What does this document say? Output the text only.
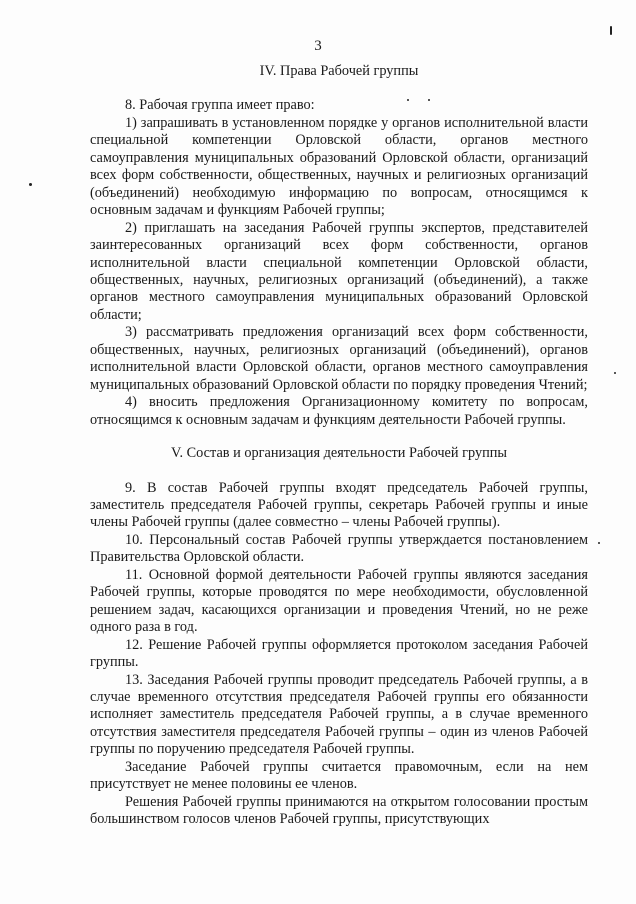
3

IV. Права Рабочей группы

8. Рабочая группа имеет право:

1) запрашивать в установленном порядке у органов исполнительной власти специальной компетенции Орловской области, органов местного самоуправления муниципальных образований Орловской области, организаций всех форм собственности, общественных, научных и религиозных организаций (объединений) необходимую информацию по вопросам, относящимся к основным задачам и функциям Рабочей группы;

2) приглашать на заседания Рабочей группы экспертов, представителей заинтересованных организаций всех форм собственности, органов исполнительной власти специальной компетенции Орловской области, общественных, научных, религиозных организаций (объединений), а также органов местного самоуправления муниципальных образований Орловской области;

3) рассматривать предложения организаций всех форм собственности, общественных, научных, религиозных организаций (объединений), органов исполнительной власти Орловской области, органов местного самоуправления муниципальных образований Орловской области по порядку проведения Чтений;

4) вносить предложения Организационному комитету по вопросам, относящимся к основным задачам и функциям деятельности Рабочей группы.

V. Состав и организация деятельности Рабочей группы

9. В состав Рабочей группы входят председатель Рабочей группы, заместитель председателя Рабочей группы, секретарь Рабочей группы и иные члены Рабочей группы (далее совместно – члены Рабочей группы).

10. Персональный состав Рабочей группы утверждается постановлением Правительства Орловской области.

11. Основной формой деятельности Рабочей группы являются заседания Рабочей группы, которые проводятся по мере необходимости, обусловленной решением задач, касающихся организации и проведения Чтений, но не реже одного раза в год.

12. Решение Рабочей группы оформляется протоколом заседания Рабочей группы.

13. Заседания Рабочей группы проводит председатель Рабочей группы, а в случае временного отсутствия председателя Рабочей группы его обязанности исполняет заместитель председателя Рабочей группы, а в случае временного отсутствия заместителя председателя Рабочей группы – один из членов Рабочей группы по поручению председателя Рабочей группы.

Заседание Рабочей группы считается правомочным, если на нем присутствует не менее половины ее членов.

Решения Рабочей группы принимаются на открытом голосовании простым большинством голосов членов Рабочей группы, присутствующих
